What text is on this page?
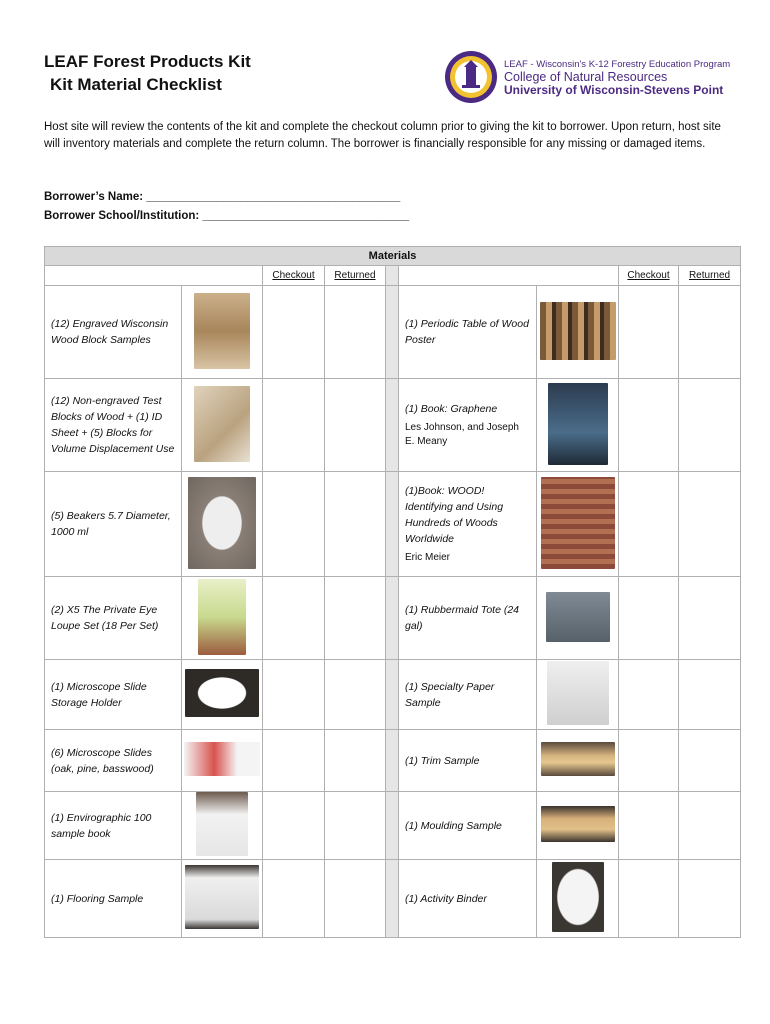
LEAF Forest Products Kit
Kit Material Checklist
LEAF - Wisconsin's K-12 Forestry Education Program
College of Natural Resources
University of Wisconsin-Stevens Point
Host site will review the contents of the kit and complete the checkout column prior to giving the kit to borrower. Upon return, host site will inventory materials and complete the return column. The borrower is financially responsible for any missing or damaged items.
Borrower’s Name: ___________________________________________
Borrower School/Institution: ___________________________________
Materials								
		Checkout	Returned				Checkout	Returned
(12) Engraved Wisconsin Wood Block Samples					(1) Periodic Table of Wood Poster			
(12) Non-engraved Test Blocks of Wood + (1) ID Sheet + (5) Blocks for Volume Displacement Use					(1) Book: Graphene
Les Johnson, and Joseph E. Meany			

(5) Beakers 5.7 Diameter, 1000 ml					(1)Book: WOOD! Identifying and Using Hundreds of Woods Worldwide
Eric Meier			

(2) X5 The Private Eye Loupe Set (18 Per Set)					(1) Rubbermaid Tote (24 gal)			
(1) Microscope Slide Storage Holder					(1) Specialty Paper Sample			
(6) Microscope Slides (oak, pine, basswood)					(1) Trim Sample			
(1) Envirographic 100 sample book					(1) Moulding Sample			
(1) Flooring Sample					(1) Activity Binder			
